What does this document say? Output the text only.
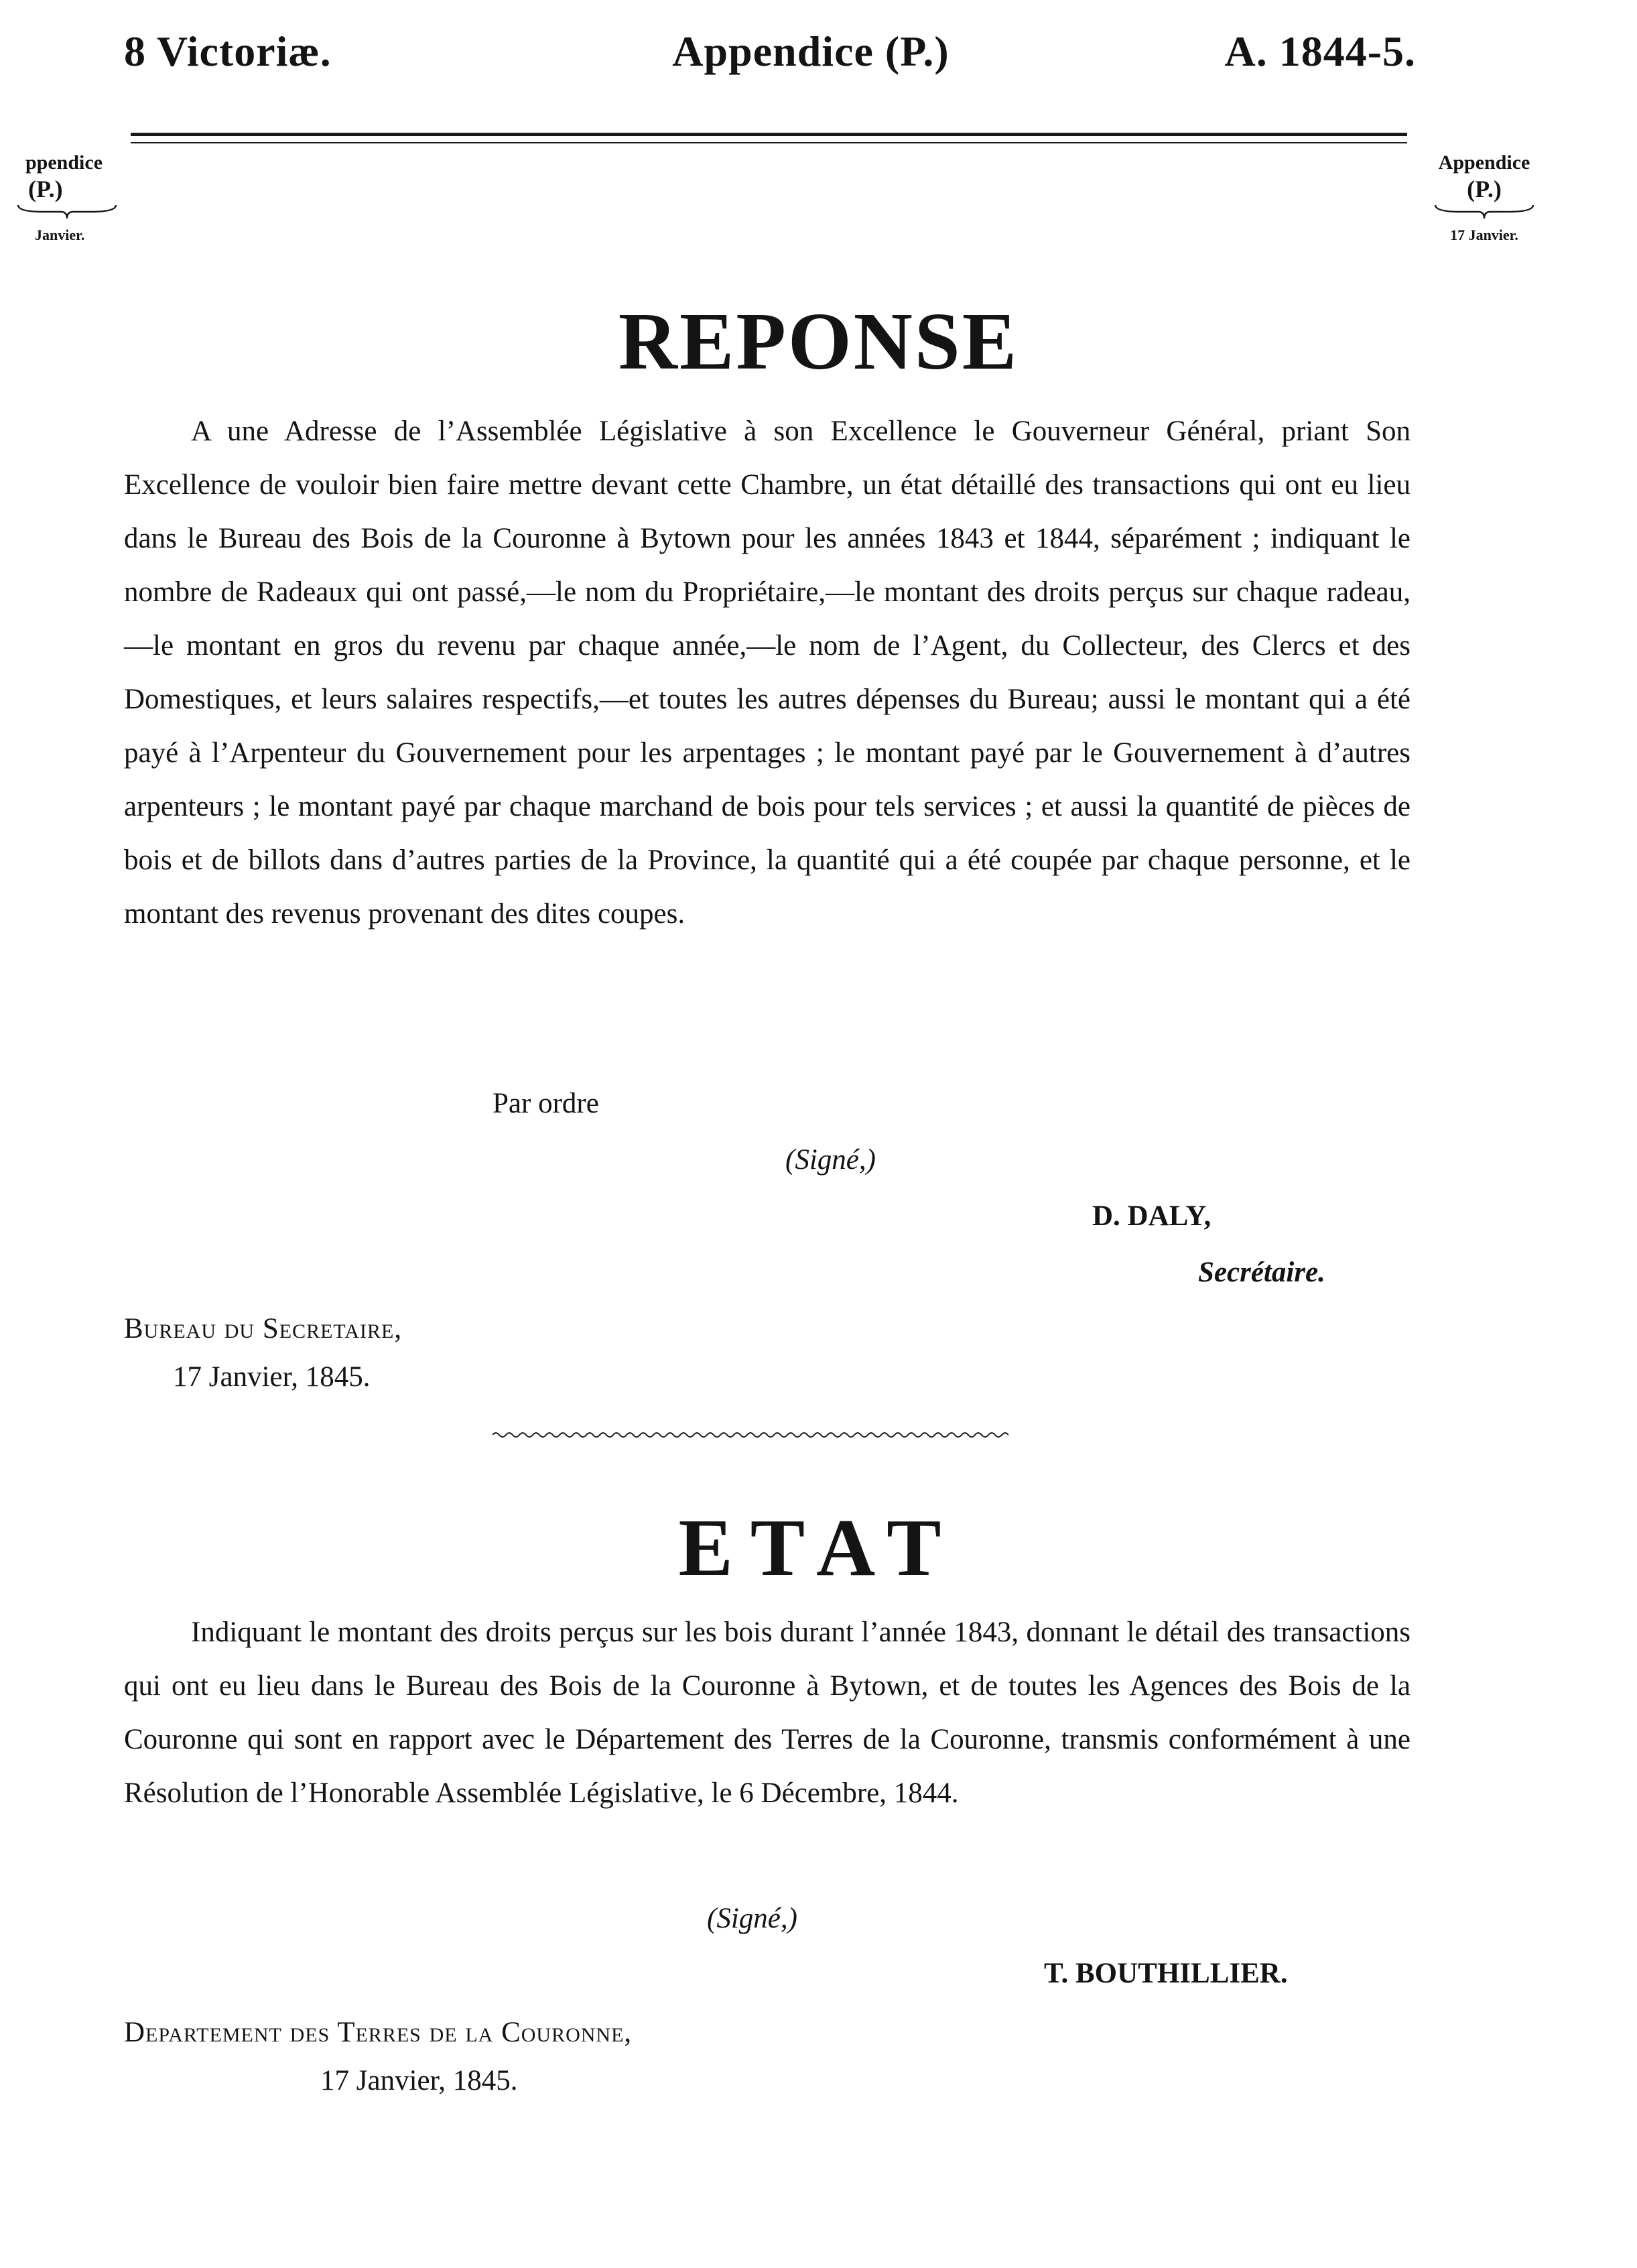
8 Victoriæ.	Appendice (P.)	A. 1844-5.
ppendice
(P.)
Janvier.
Appendice
(P.)
17 Janvier.
REPONSE
A une Adresse de l’Assemblée Législative à son Excellence le Gouverneur Général, priant Son Excellence de vouloir bien faire mettre devant cette Chambre, un état détaillé des transactions qui ont eu lieu dans le Bureau des Bois de la Couronne à Bytown pour les années 1843 et 1844, séparément ; indiquant le nombre de Radeaux qui ont passé,—le nom du Propriétaire,—le montant des droits perçus sur chaque radeau,—le montant en gros du revenu par chaque année,—le nom de l’Agent, du Collecteur, des Clercs et des Domestiques, et leurs salaires respectifs,—et toutes les autres dépenses du Bureau; aussi le montant qui a été payé à l’Arpenteur du Gouvernement pour les arpentages ; le montant payé par le Gouvernement à d’autres arpenteurs ; le montant payé par chaque marchand de bois pour tels services ; et aussi la quantité de pièces de bois et de billots dans d’autres parties de la Province, la quantité qui a été coupée par chaque personne, et le montant des revenus provenant des dites coupes.
Par ordre
(Signé,)
D. DALY,
Secrétaire.
Bureau du Secretaire,
17 Janvier, 1845.
ETAT
Indiquant le montant des droits perçus sur les bois durant l’année 1843, donnant le détail des transactions qui ont eu lieu dans le Bureau des Bois de la Couronne à Bytown, et de toutes les Agences des Bois de la Couronne qui sont en rapport avec le Département des Terres de la Couronne, transmis conformément à une Résolution de l’Honorable Assemblée Législative, le 6 Décembre, 1844.
(Signé,)
T. BOUTHILLIER.
Departement des Terres de la Couronne,
17 Janvier, 1845.
